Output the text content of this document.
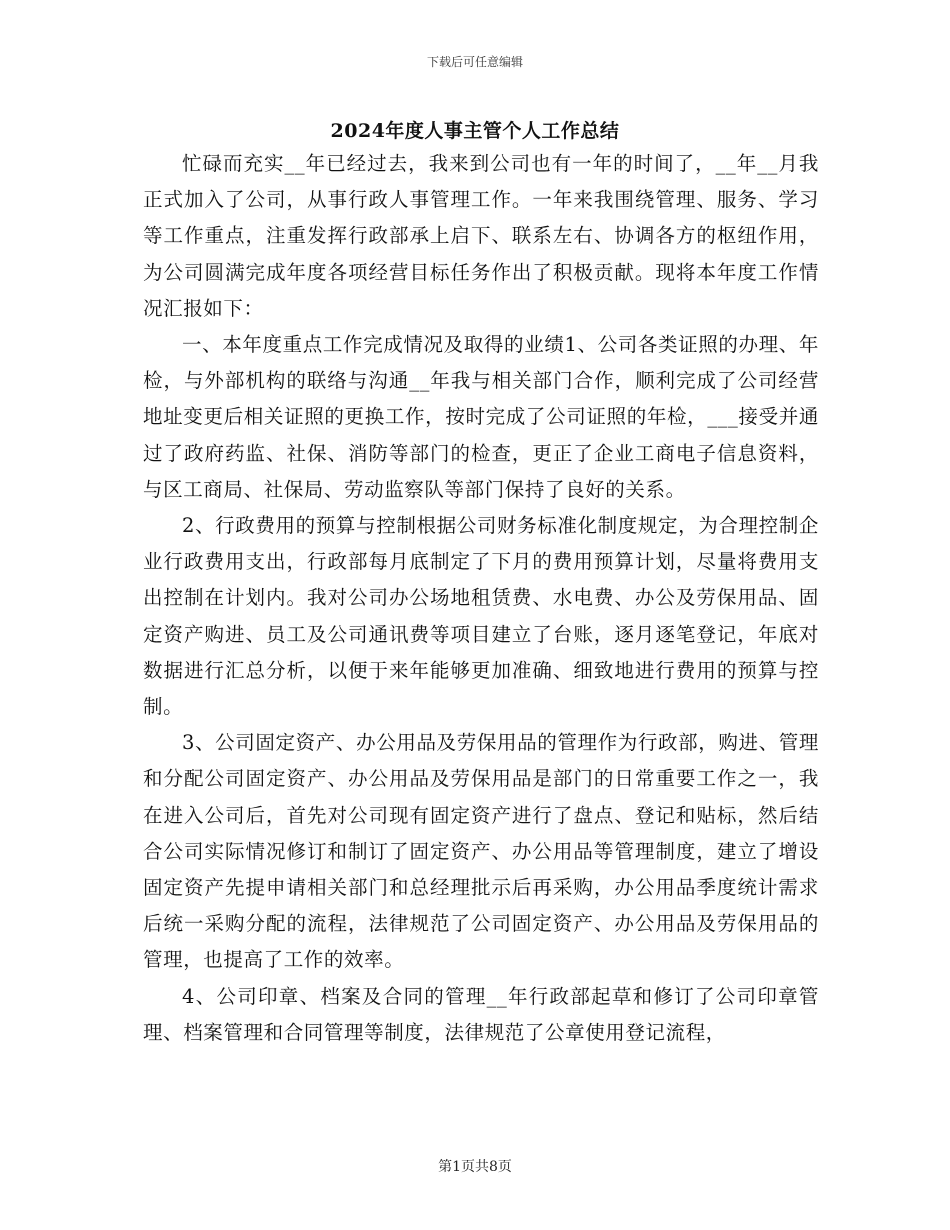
下载后可任意编辑
2024年度人事主管个人工作总结

忙碌而充实__年已经过去，我来到公司也有一年的时间了，__年__月我正式加入了公司，从事行政人事管理工作。一年来我围绕管理、服务、学习等工作重点，注重发挥行政部承上启下、联系左右、协调各方的枢纽作用，为公司圆满完成年度各项经营目标任务作出了积极贡献。现将本年度工作情况汇报如下：

一、本年度重点工作完成情况及取得的业绩1、公司各类证照的办理、年检，与外部机构的联络与沟通__年我与相关部门合作，顺利完成了公司经营地址变更后相关证照的更换工作，按时完成了公司证照的年检，___接受并通过了政府药监、社保、消防等部门的检查，更正了企业工商电子信息资料，与区工商局、社保局、劳动监察队等部门保持了良好的关系。

2、行政费用的预算与控制根据公司财务标准化制度规定，为合理控制企业行政费用支出，行政部每月底制定了下月的费用预算计划，尽量将费用支出控制在计划内。我对公司办公场地租赁费、水电费、办公及劳保用品、固定资产购进、员工及公司通讯费等项目建立了台账，逐月逐笔登记，年底对数据进行汇总分析，以便于来年能够更加准确、细致地进行费用的预算与控制。

3、公司固定资产、办公用品及劳保用品的管理作为行政部，购进、管理和分配公司固定资产、办公用品及劳保用品是部门的日常重要工作之一，我在进入公司后，首先对公司现有固定资产进行了盘点、登记和贴标，然后结合公司实际情况修订和制订了固定资产、办公用品等管理制度，建立了增设固定资产先提申请相关部门和总经理批示后再采购，办公用品季度统计需求后统一采购分配的流程，法律规范了公司固定资产、办公用品及劳保用品的管理，也提高了工作的效率。

4、公司印章、档案及合同的管理__年行政部起草和修订了公司印章管理、档案管理和合同管理等制度，法律规范了公章使用登记流程，

第1页共8页
